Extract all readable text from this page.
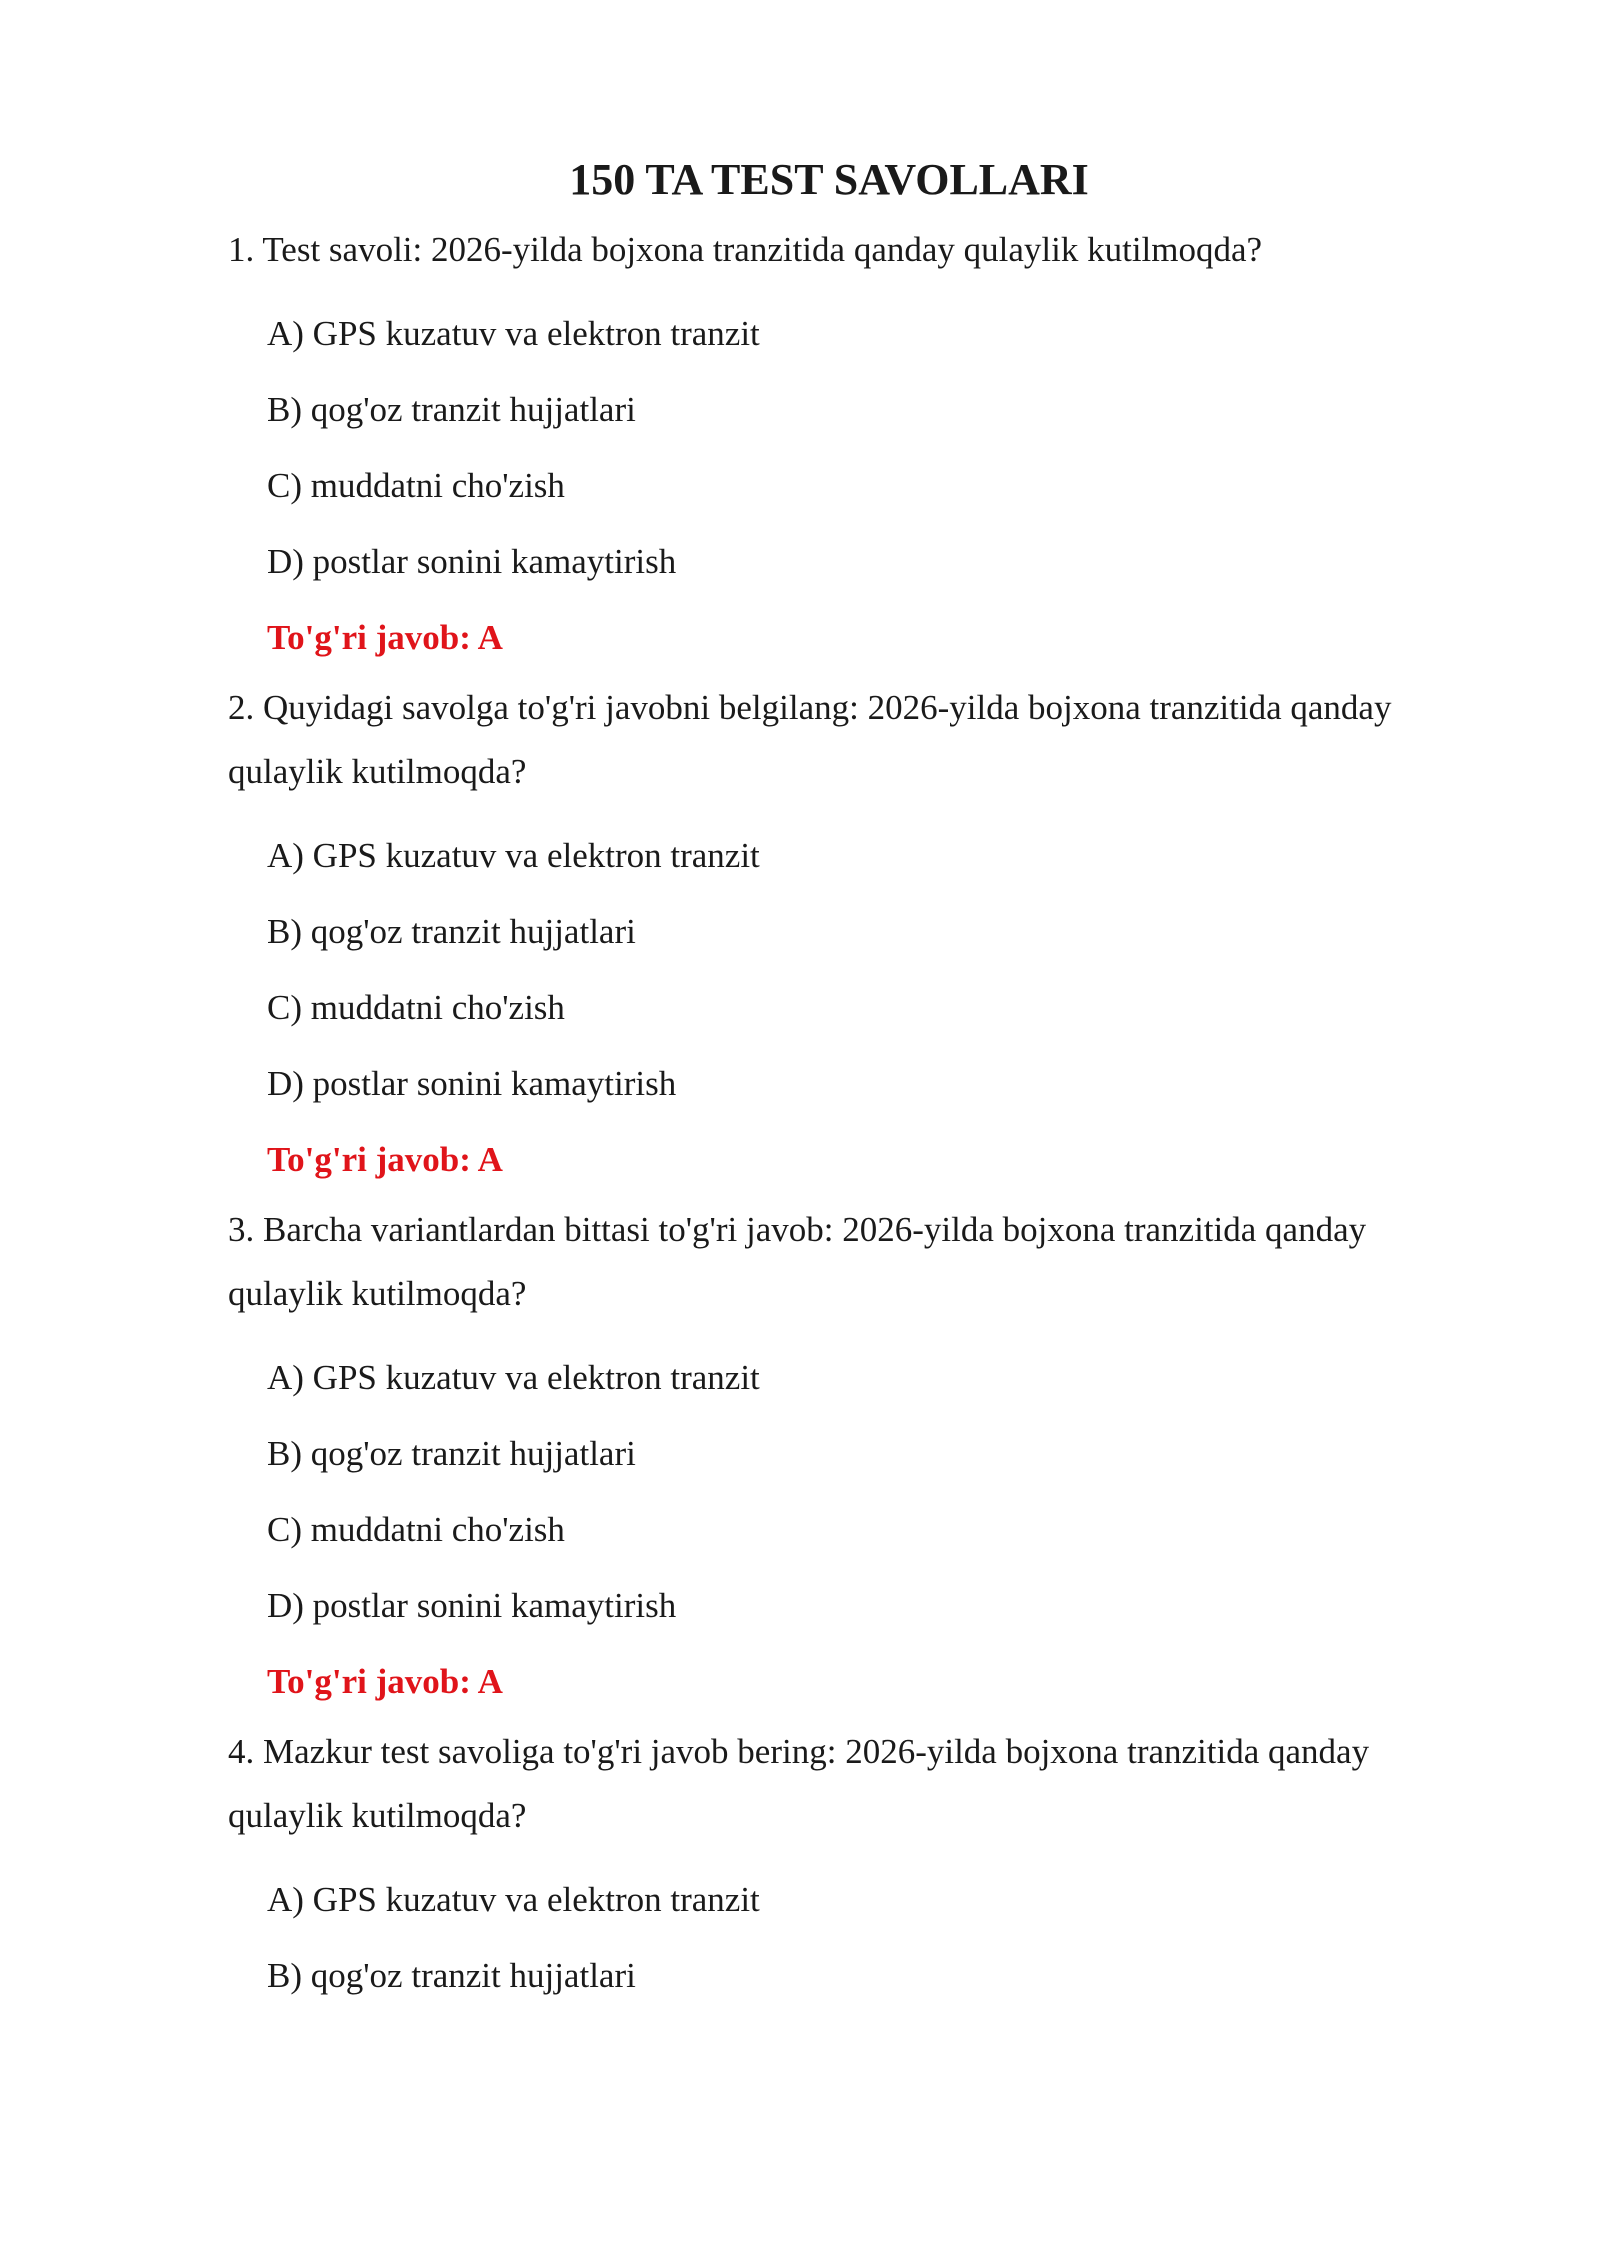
150 TA TEST SAVOLLARI

1. Test savoli: 2026-yilda bojxona tranzitida qanday qulaylik kutilmoqda?

A) GPS kuzatuv va elektron tranzit
B) qog'oz tranzit hujjatlari
C) muddatni cho'zish
D) postlar sonini kamaytirish

To'g'ri javob: A

2. Quyidagi savolga to'g'ri javobni belgilang: 2026-yilda bojxona tranzitida qanday qulaylik kutilmoqda?

A) GPS kuzatuv va elektron tranzit
B) qog'oz tranzit hujjatlari
C) muddatni cho'zish
D) postlar sonini kamaytirish

To'g'ri javob: A

3. Barcha variantlardan bittasi to'g'ri javob: 2026-yilda bojxona tranzitida qanday qulaylik kutilmoqda?

A) GPS kuzatuv va elektron tranzit
B) qog'oz tranzit hujjatlari
C) muddatni cho'zish
D) postlar sonini kamaytirish

To'g'ri javob: A

4. Mazkur test savoliga to'g'ri javob bering: 2026-yilda bojxona tranzitida qanday qulaylik kutilmoqda?

A) GPS kuzatuv va elektron tranzit
B) qog'oz tranzit hujjatlari
